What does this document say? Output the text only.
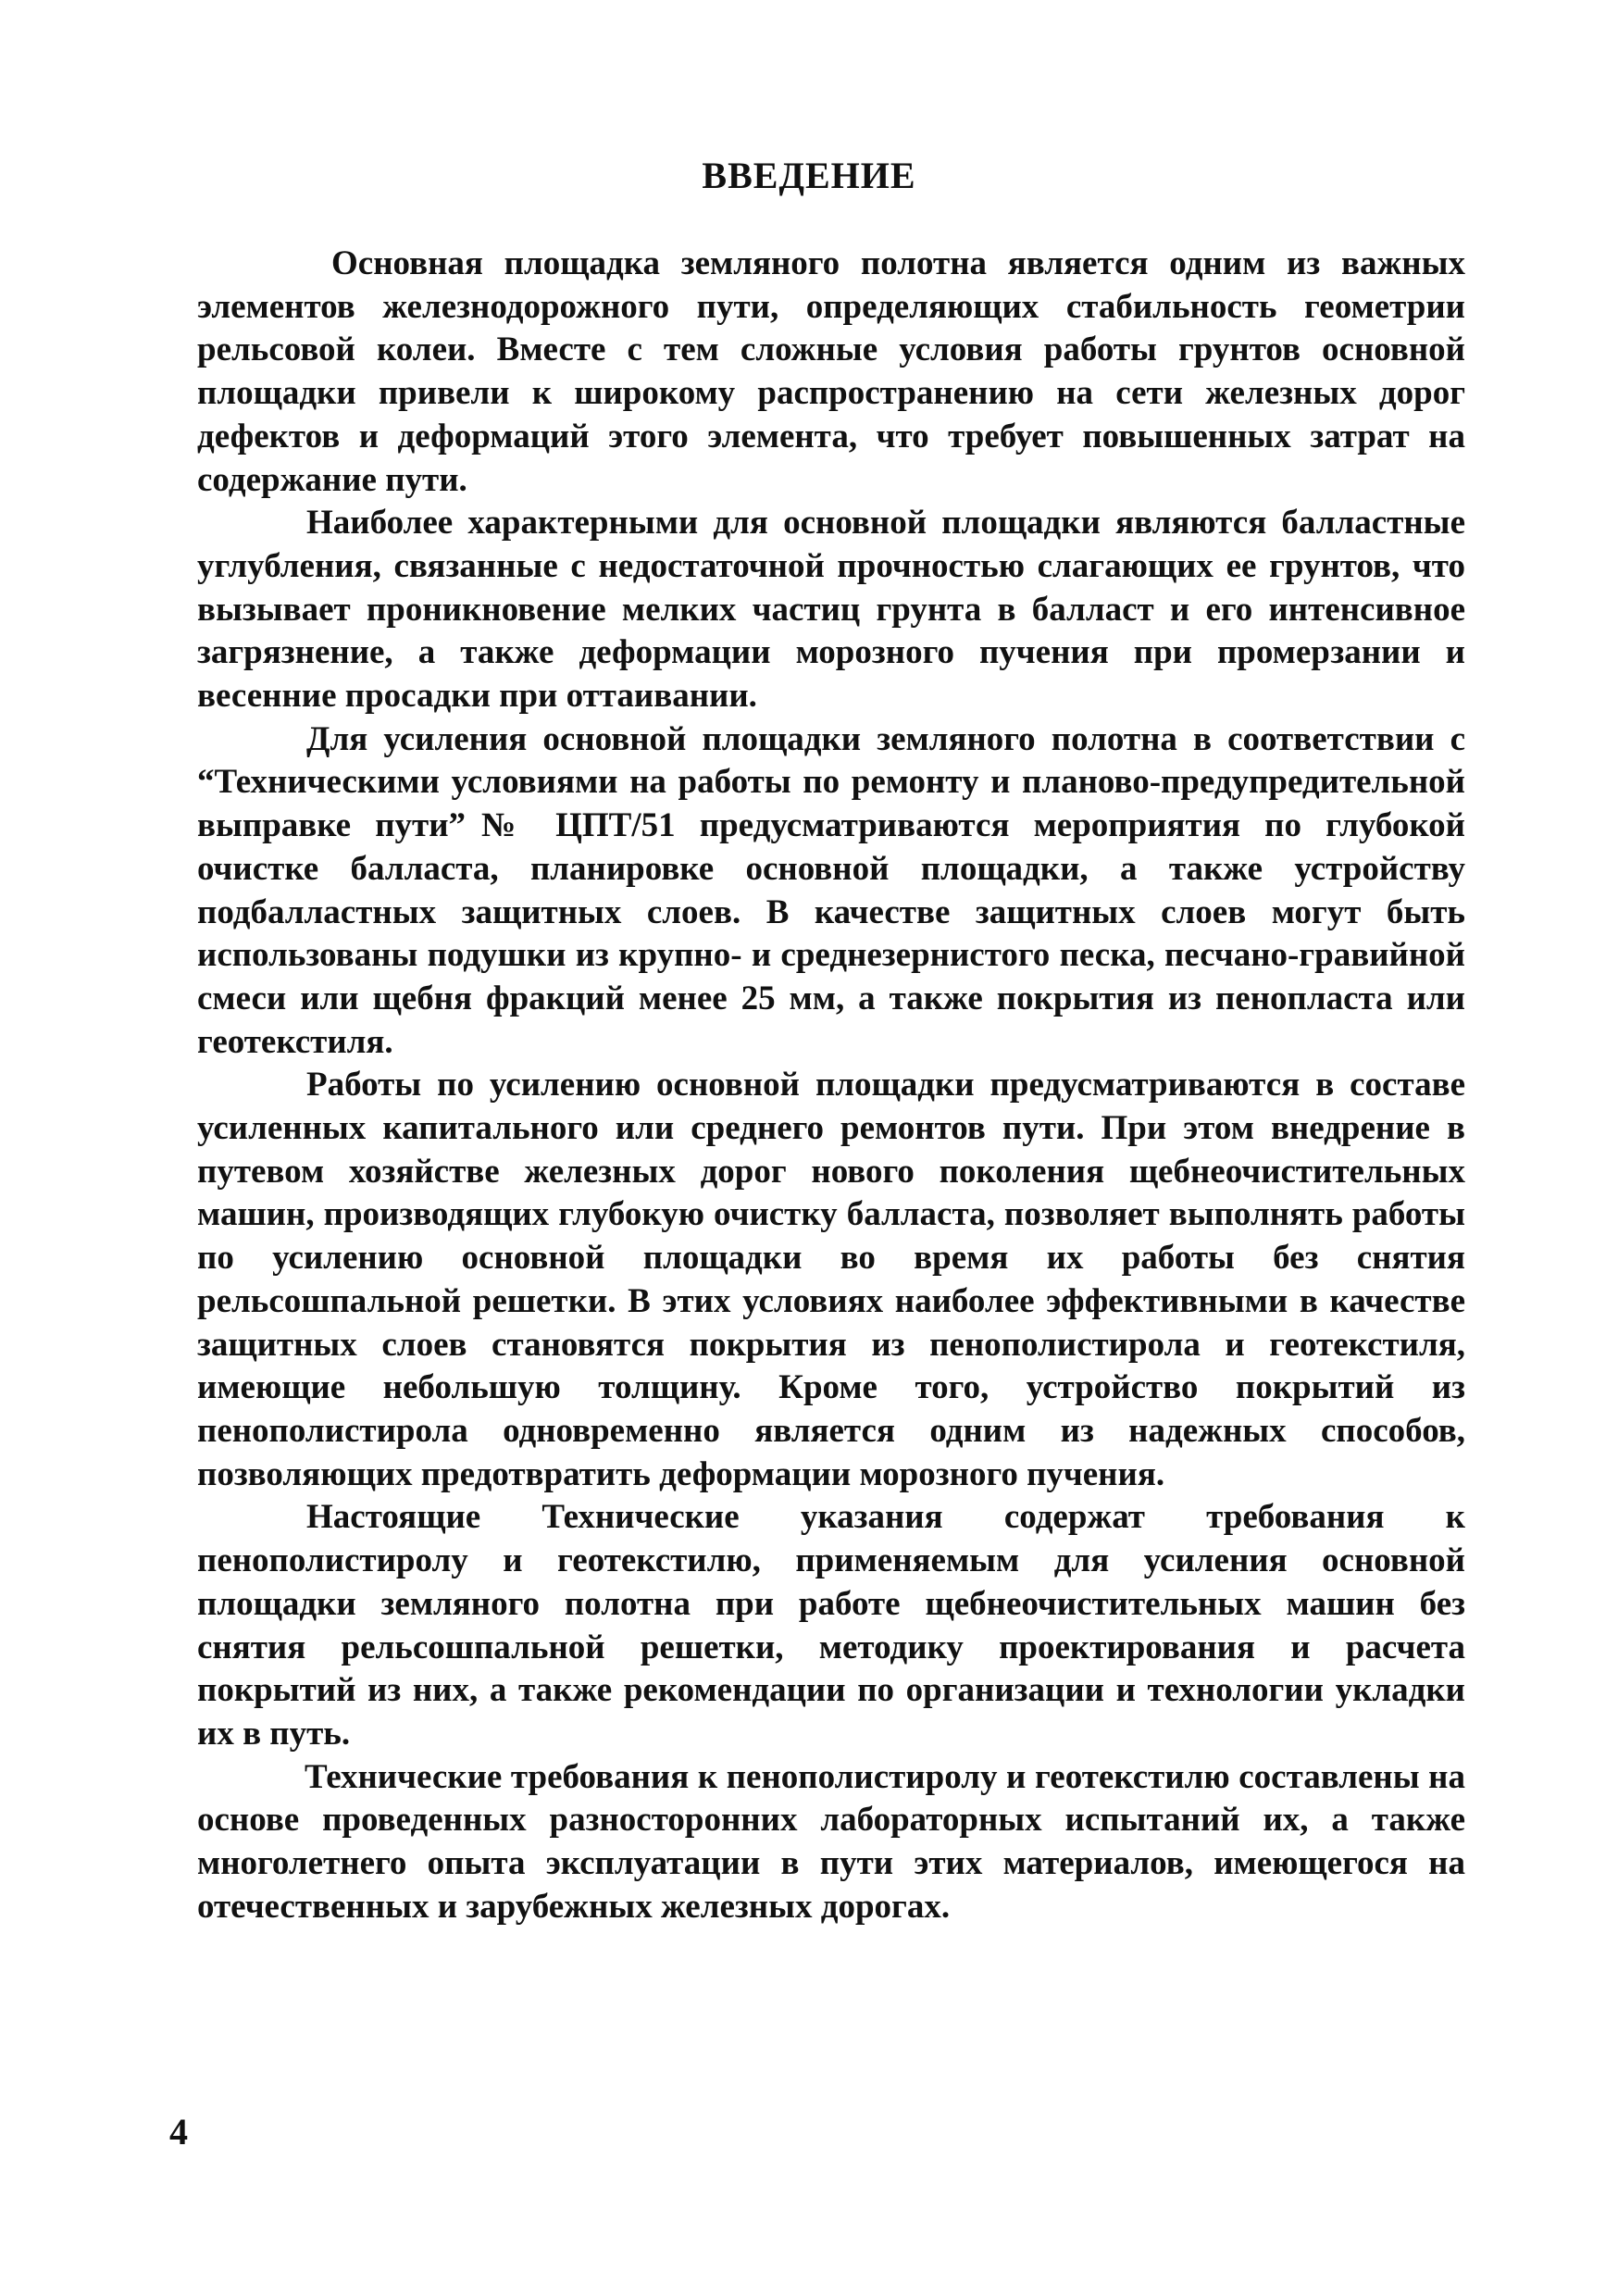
ВВЕДЕНИЕ

Основная площадка земляного полотна является одним из важных элементов железнодорожного пути, определяющих стабильность геометрии рельсовой колеи. Вместе с тем сложные условия работы грунтов основной площадки привели к широкому распространению на сети железных дорог дефектов и деформаций этого элемента, что требует повышенных затрат на содержание пути.

Наиболее характерными для основной площадки являются балластные углубления, связанные с недостаточной прочностью слагающих ее грунтов, что вызывает проникновение мелких частиц грунта в балласт и его интенсивное загрязнение, а также деформации морозного пучения при промерзании и весенние просадки при оттаивании.

Для усиления основной площадки земляного полотна в соответствии с “Техническими условиями на работы по ремонту и планово-предупредительной выправке пути”№ ЦПТ/51 предусматриваются мероприятия по глубокой очистке балласта, планировке основной площадки, а также устройству подбалластных защитных слоев. В качестве защитных слоев могут быть использованы подушки из крупно- и среднезернистого песка, песчано-гравийной смеси или щебня фракций менее 25 мм, а также покрытия из пенопласта или геотекстиля.

Работы по усилению основной площадки предусматриваются в составе усиленных капитального или среднего ремонтов пути. При этом внедрение в путевом хозяйстве железных дорог нового поколения щебнеочистительных машин, производящих глубокую очистку балласта, позволяет выполнять работы по усилению основной площадки во время их работы без снятия рельсошпальной решетки. В этих условиях наиболее эффективными в качестве защитных слоев становятся покрытия из пенополистирола и геотекстиля, имеющие небольшую толщину. Кроме того, устройство покрытий из пенополистирола одновременно является одним из надежных способов, позволяющих предотвратить деформации морозного пучения.

Настоящие Технические указания содержат требования к пенополистиролу и геотекстилю, применяемым для усиления основной площадки земляного полотна при работе щебнеочистительных машин без снятия рельсошпальной решетки, методику проектирования и расчета покрытий из них, а также рекомендации по организации и технологии укладки их в путь.

Технические требования к пенополистиролу и геотекстилю составлены на основе проведенных разносторонних лабораторных испытаний их, а также многолетнего опыта эксплуатации в пути этих материалов, имеющегося на отечественных и зарубежных железных дорогах.

4
